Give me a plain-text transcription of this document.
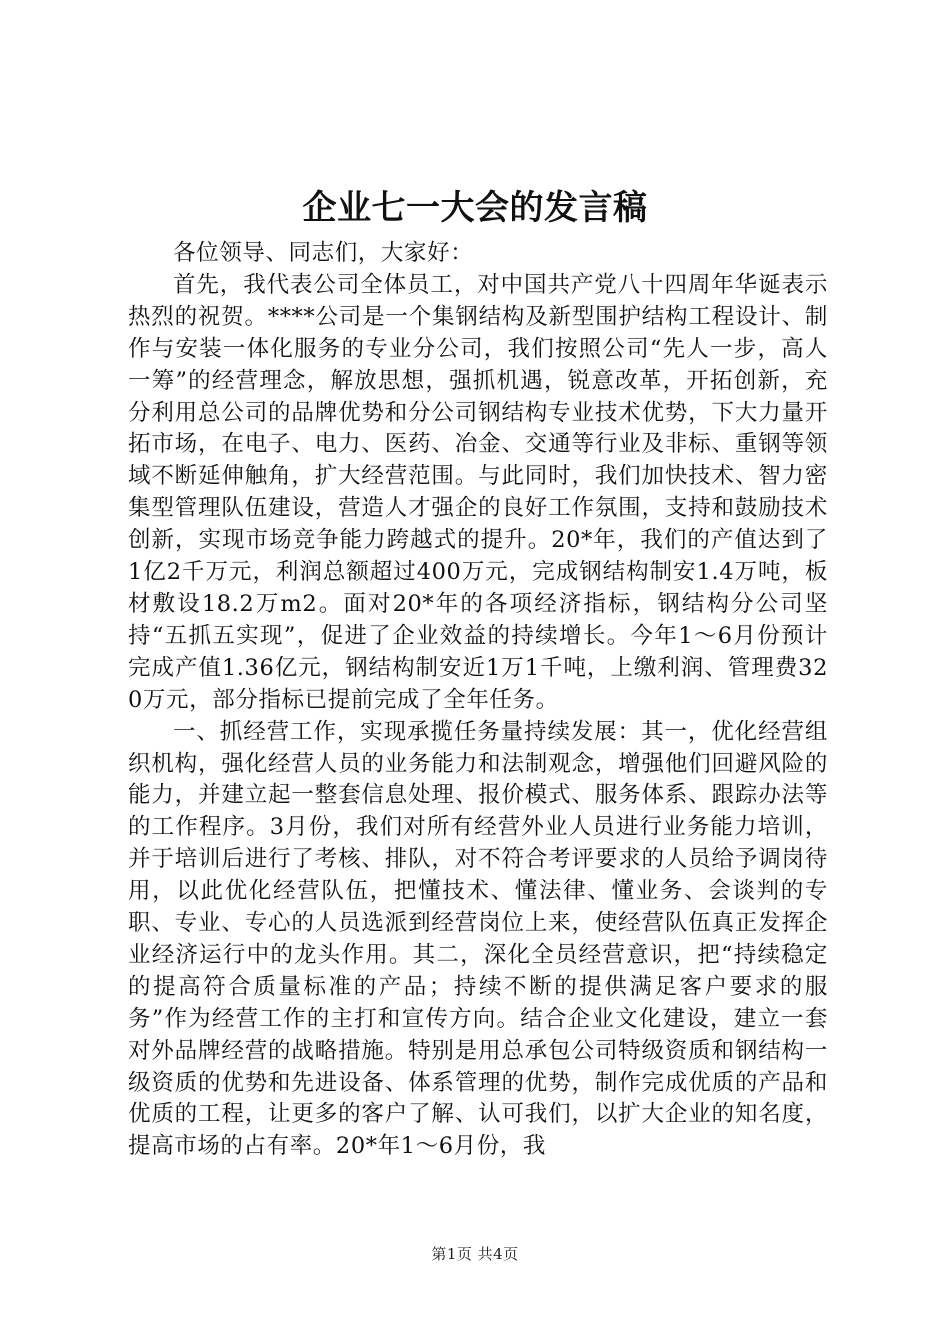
企业七一大会的发言稿

各位领导、同志们，大家好：

首先，我代表公司全体员工，对中国共产党八十四周年华诞表示热烈的祝贺。****公司是一个集钢结构及新型围护结构工程设计、制作与安装一体化服务的专业分公司，我们按照公司“先人一步，高人一筹”的经营理念，解放思想，强抓机遇，锐意改革，开拓创新，充分利用总公司的品牌优势和分公司钢结构专业技术优势，下大力量开拓市场，在电子、电力、医药、冶金、交通等行业及非标、重钢等领域不断延伸触角，扩大经营范围。与此同时，我们加快技术、智力密集型管理队伍建设，营造人才强企的良好工作氛围，支持和鼓励技术创新，实现市场竞争能力跨越式的提升。20*年，我们的产值达到了1亿2千万元，利润总额超过400万元，完成钢结构制安1.4万吨，板材敷设18.2万m2。面对20*年的各项经济指标，钢结构分公司坚持“五抓五实现”，促进了企业效益的持续增长。今年1～6月份预计完成产值1.36亿元，钢结构制安近1万1千吨，上缴利润、管理费320万元，部分指标已提前完成了全年任务。

一、抓经营工作，实现承揽任务量持续发展：其一，优化经营组织机构，强化经营人员的业务能力和法制观念，增强他们回避风险的能力，并建立起一整套信息处理、报价模式、服务体系、跟踪办法等的工作程序。3月份，我们对所有经营外业人员进行业务能力培训，并于培训后进行了考核、排队，对不符合考评要求的人员给予调岗待用，以此优化经营队伍，把懂技术、懂法律、懂业务、会谈判的专职、专业、专心的人员选派到经营岗位上来，使经营队伍真正发挥企业经济运行中的龙头作用。其二，深化全员经营意识，把“持续稳定的提高符合质量标准的产品；持续不断的提供满足客户要求的服务”作为经营工作的主打和宣传方向。结合企业文化建设，建立一套对外品牌经营的战略措施。特别是用总承包公司特级资质和钢结构一级资质的优势和先进设备、体系管理的优势，制作完成优质的产品和优质的工程，让更多的客户了解、认可我们，以扩大企业的知名度，提高市场的占有率。20*年1～6月份，我

第1页 共4页
